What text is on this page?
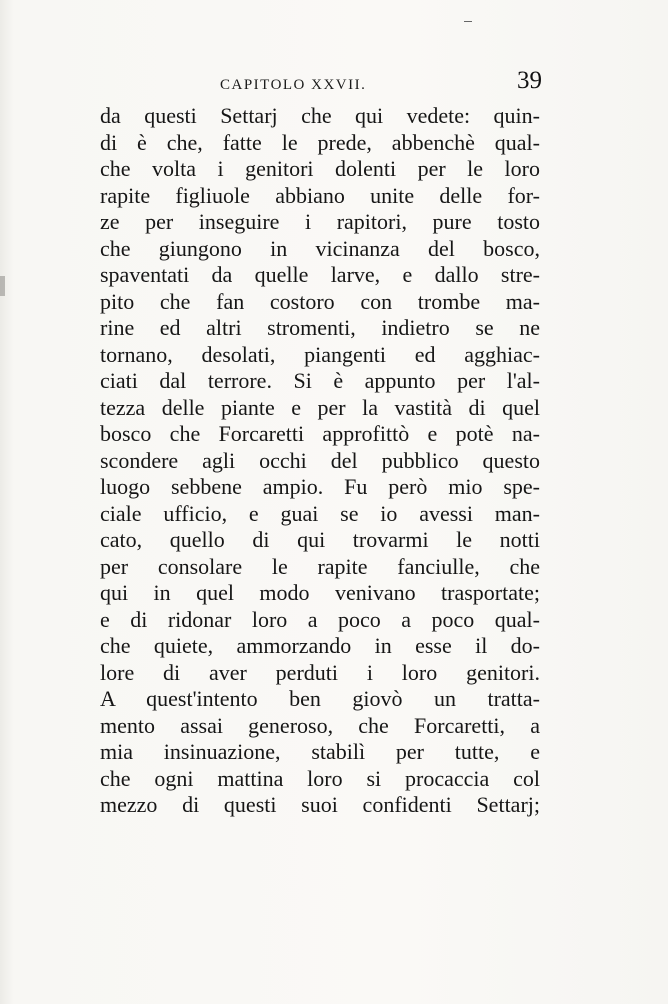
CAPITOLO XXVII.	39
da questi Settarj che qui vedete: quin-
di è che, fatte le prede, abbenchè qual-
che volta i genitori dolenti per le loro
rapite figliuole abbiano unite delle for-
ze per inseguire i rapitori, pure tosto
che giungono in vicinanza del bosco,
spaventati da quelle larve, e dallo stre-
pito che fan costoro con trombe ma-
rine ed altri stromenti, indietro se ne
tornano, desolati, piangenti ed agghiac-
ciati dal terrore. Si è appunto per l'al-
tezza delle piante e per la vastità di quel
bosco che Forcaretti approfittò e potè na-
scondere agli occhi del pubblico questo
luogo sebbene ampio. Fu però mio spe-
ciale ufficio, e guai se io avessi man-
cato, quello di qui trovarmi le notti
per consolare le rapite fanciulle, che
qui in quel modo venivano trasportate;
e di ridonar loro a poco a poco qual-
che quiete, ammorzando in esse il do-
lore di aver perduti i loro genitori.
A quest'intento ben giovò un tratta-
mento assai generoso, che Forcaretti, a
mia insinuazione, stabilì per tutte, e
che ogni mattina loro si procaccia col
mezzo di questi suoi confidenti Settarj;
